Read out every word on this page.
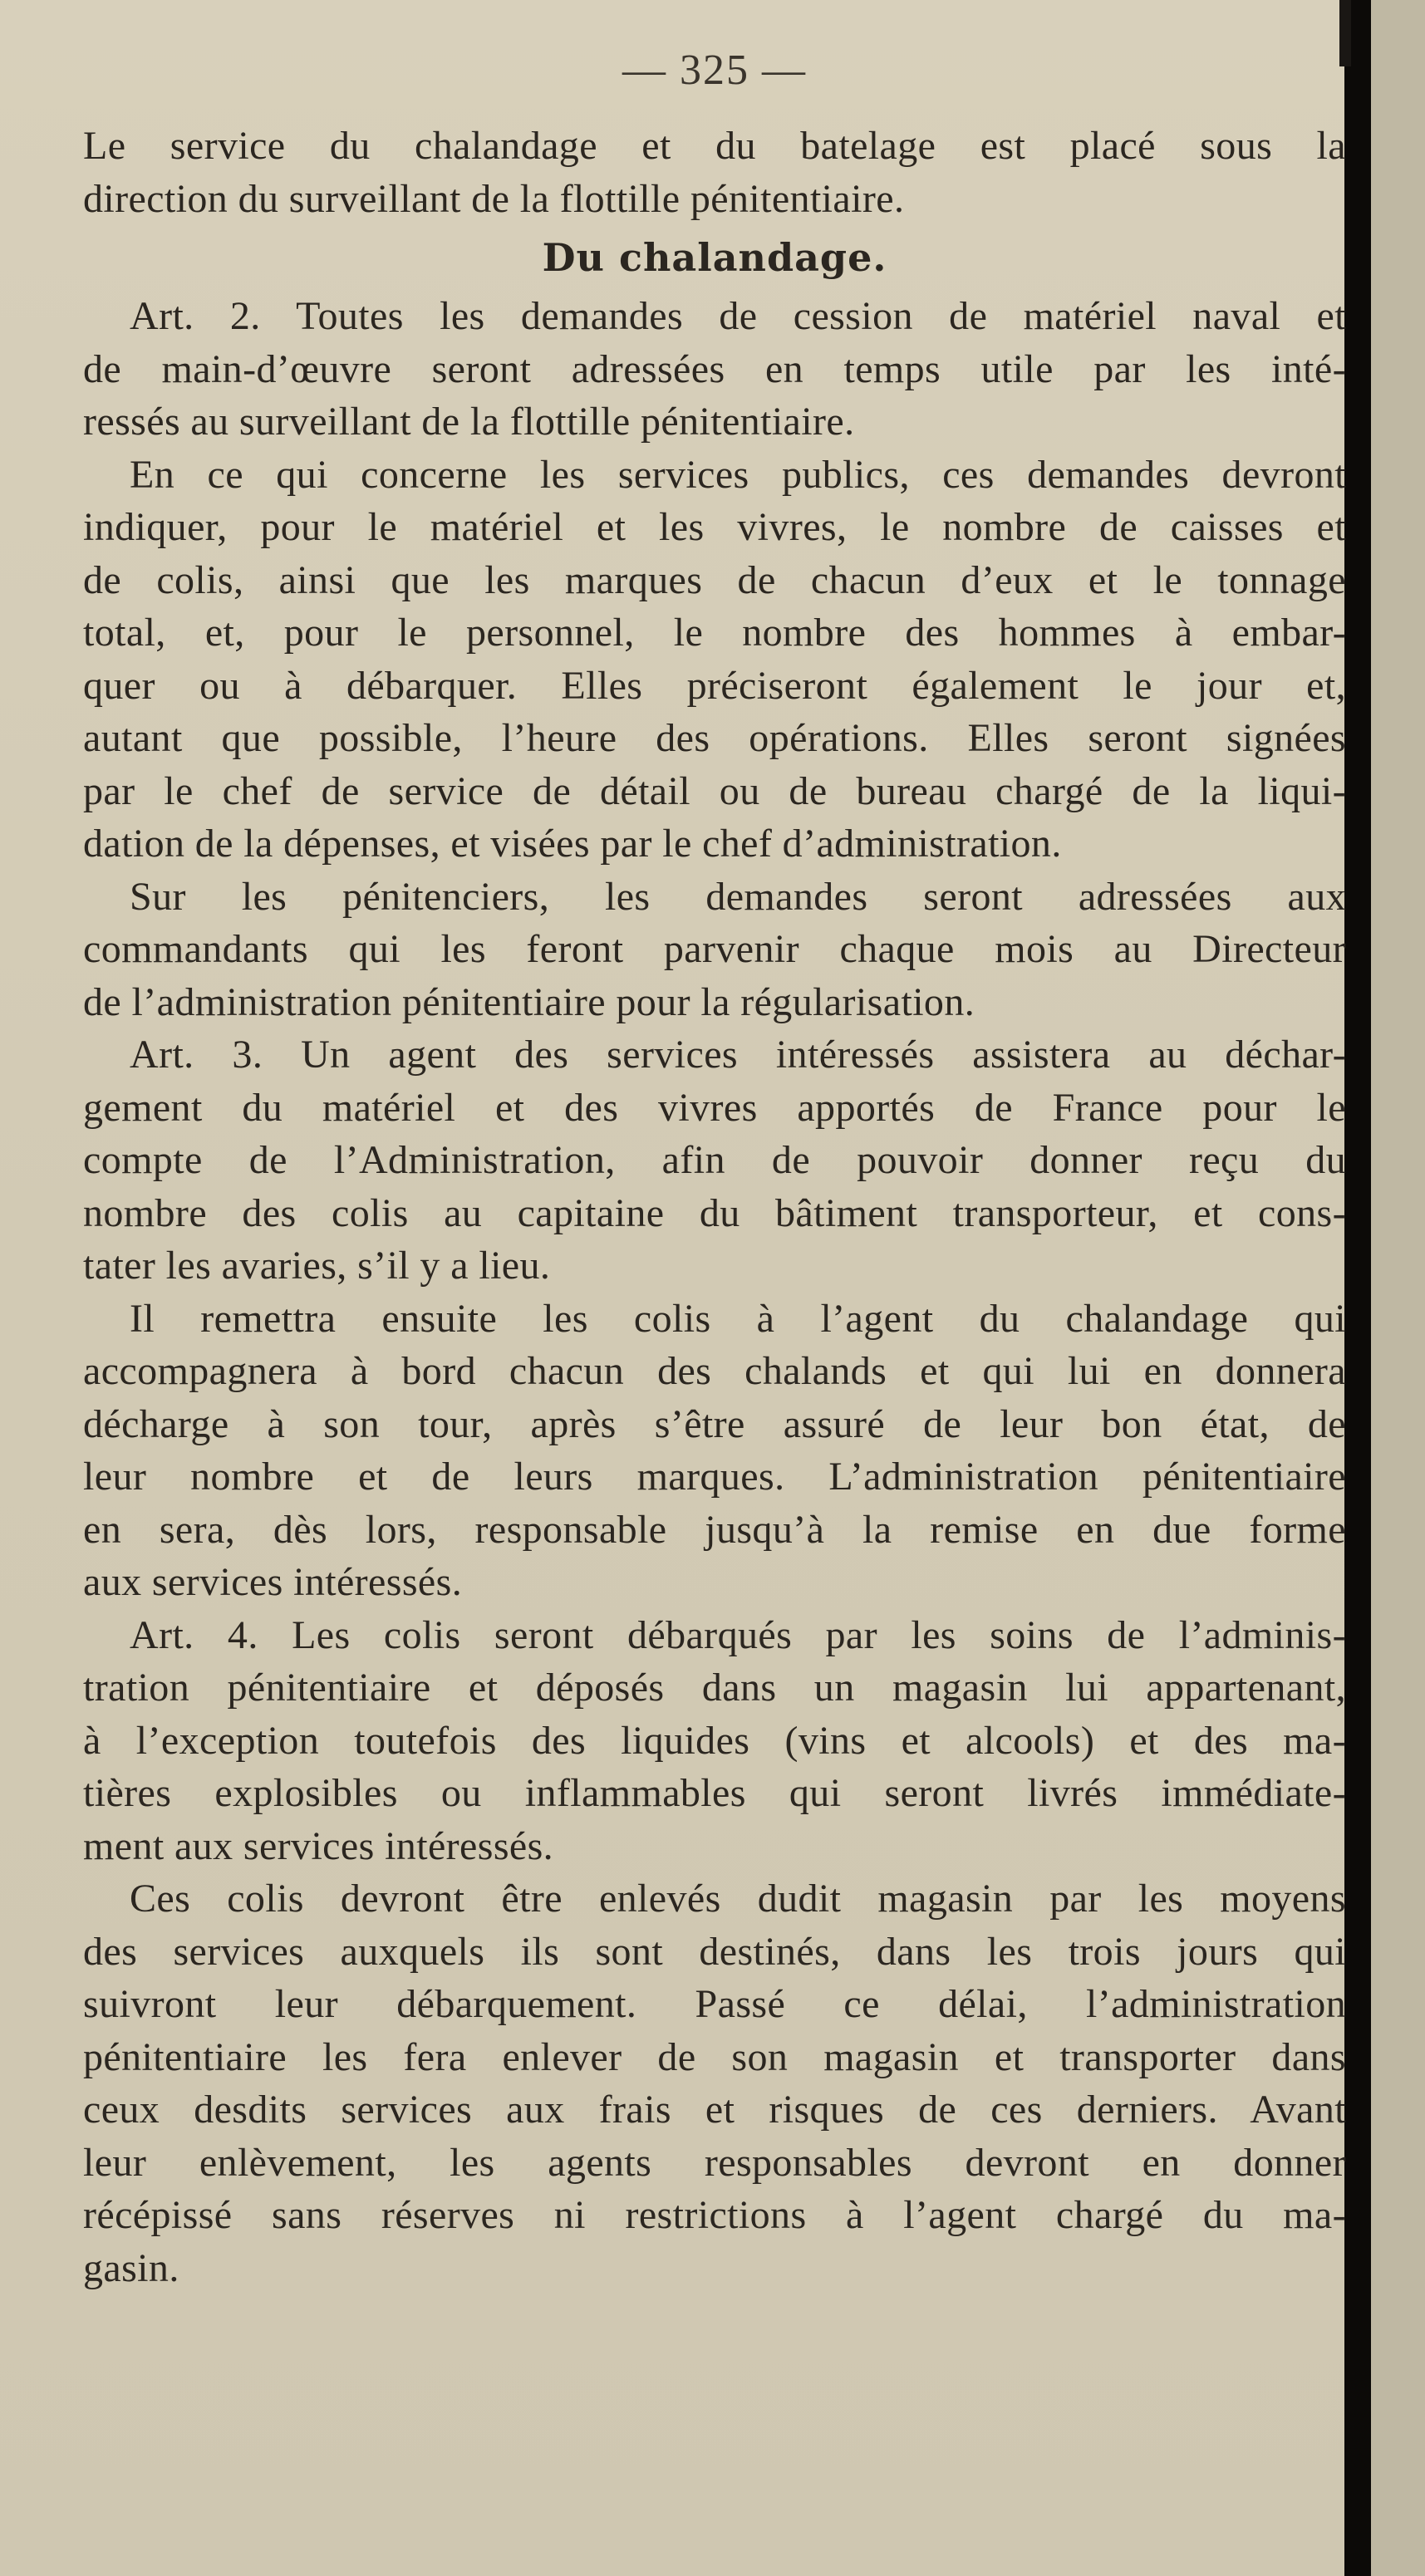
— 325 —
Le service du chalandage et du batelage est placé sous la
direction du surveillant de la flottille pénitentiaire.
Du chalandage.
Art. 2. Toutes les demandes de cession de matériel naval et
de main-d’œuvre seront adressées en temps utile par les inté-
ressés au surveillant de la flottille pénitentiaire.
En ce qui concerne les services publics, ces demandes devront
indiquer, pour le matériel et les vivres, le nombre de caisses et
de colis, ainsi que les marques de chacun d’eux et le tonnage
total, et, pour le personnel, le nombre des hommes à embar-
quer ou à débarquer. Elles préciseront également le jour et,
autant que possible, l’heure des opérations. Elles seront signées
par le chef de service de détail ou de bureau chargé de la liqui-
dation de la dépenses, et visées par le chef d’administration.
Sur les pénitenciers, les demandes seront adressées aux
commandants qui les feront parvenir chaque mois au Directeur
de l’administration pénitentiaire pour la régularisation.
Art. 3. Un agent des services intéressés assistera au déchar-
gement du matériel et des vivres apportés de France pour le
compte de l’Administration, afin de pouvoir donner reçu du
nombre des colis au capitaine du bâtiment transporteur, et cons-
tater les avaries, s’il y a lieu.
Il remettra ensuite les colis à l’agent du chalandage qui
accompagnera à bord chacun des chalands et qui lui en donnera
décharge à son tour, après s’être assuré de leur bon état, de
leur nombre et de leurs marques. L’administration pénitentiaire
en sera, dès lors, responsable jusqu’à la remise en due forme
aux services intéressés.
Art. 4. Les colis seront débarqués par les soins de l’adminis-
tration pénitentiaire et déposés dans un magasin lui appartenant,
à l’exception toutefois des liquides (vins et alcools) et des ma-
tières explosibles ou inflammables qui seront livrés immédiate-
ment aux services intéressés.
Ces colis devront être enlevés dudit magasin par les moyens
des services auxquels ils sont destinés, dans les trois jours qui
suivront leur débarquement. Passé ce délai, l’administration
pénitentiaire les fera enlever de son magasin et transporter dans
ceux desdits services aux frais et risques de ces derniers. Avant
leur enlèvement, les agents responsables devront en donner
récépissé sans réserves ni restrictions à l’agent chargé du ma-
gasin.
